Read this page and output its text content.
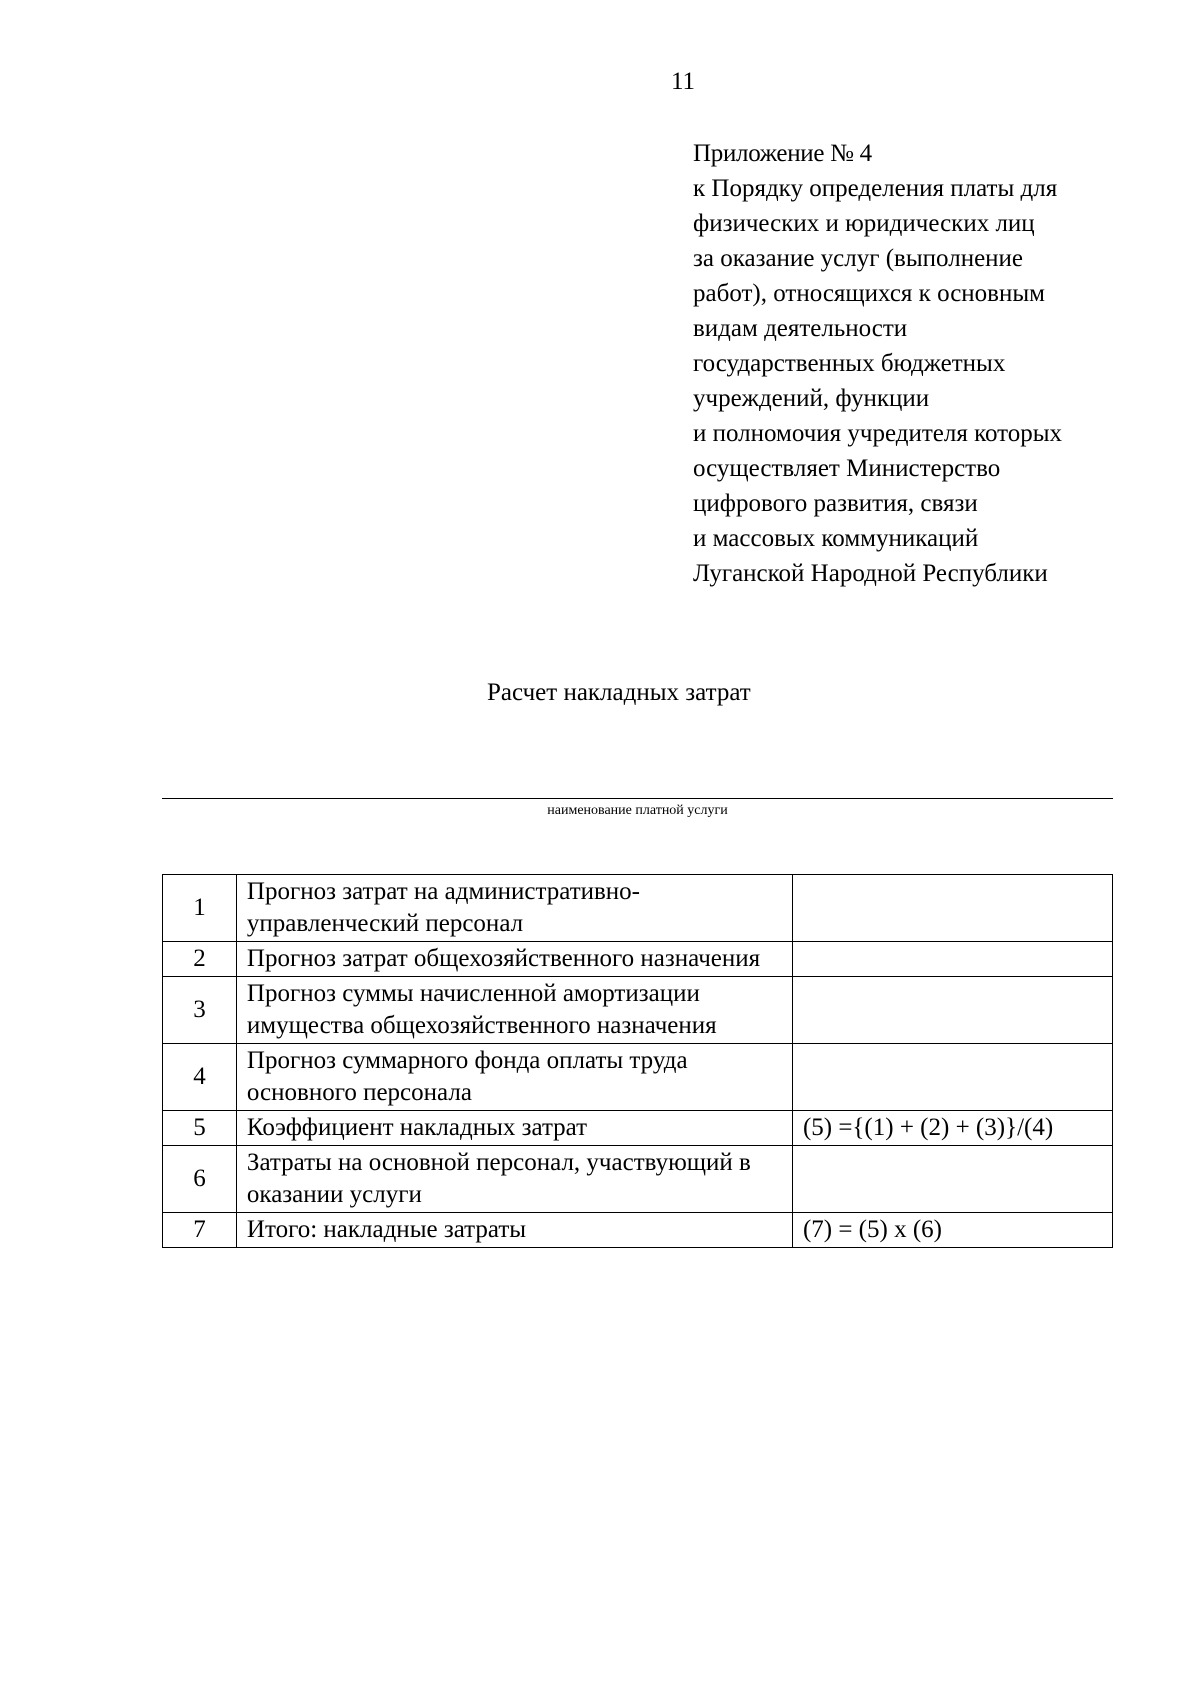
11
Приложение № 4
к Порядку определения платы для
физических и юридических лиц
за оказание услуг (выполнение
работ), относящихся к основным
видам деятельности
государственных бюджетных
учреждений, функции
и полномочия учредителя которых
осуществляет Министерство
цифрового развития, связи
и массовых коммуникаций
Луганской Народной Республики
Расчет накладных затрат
наименование платной услуги
1	Прогноз затрат на административно-управленческий персонал	
2	Прогноз затрат общехозяйственного назначения	
3	Прогноз суммы начисленной амортизации имущества общехозяйственного назначения	
4	Прогноз суммарного фонда оплаты труда основного персонала	
5	Коэффициент накладных затрат	(5) ={(1) + (2) + (3)}/(4)
6	Затраты на основной персонал, участвующий в оказании услуги	
7	Итого: накладные затраты	(7) = (5) х (6)
